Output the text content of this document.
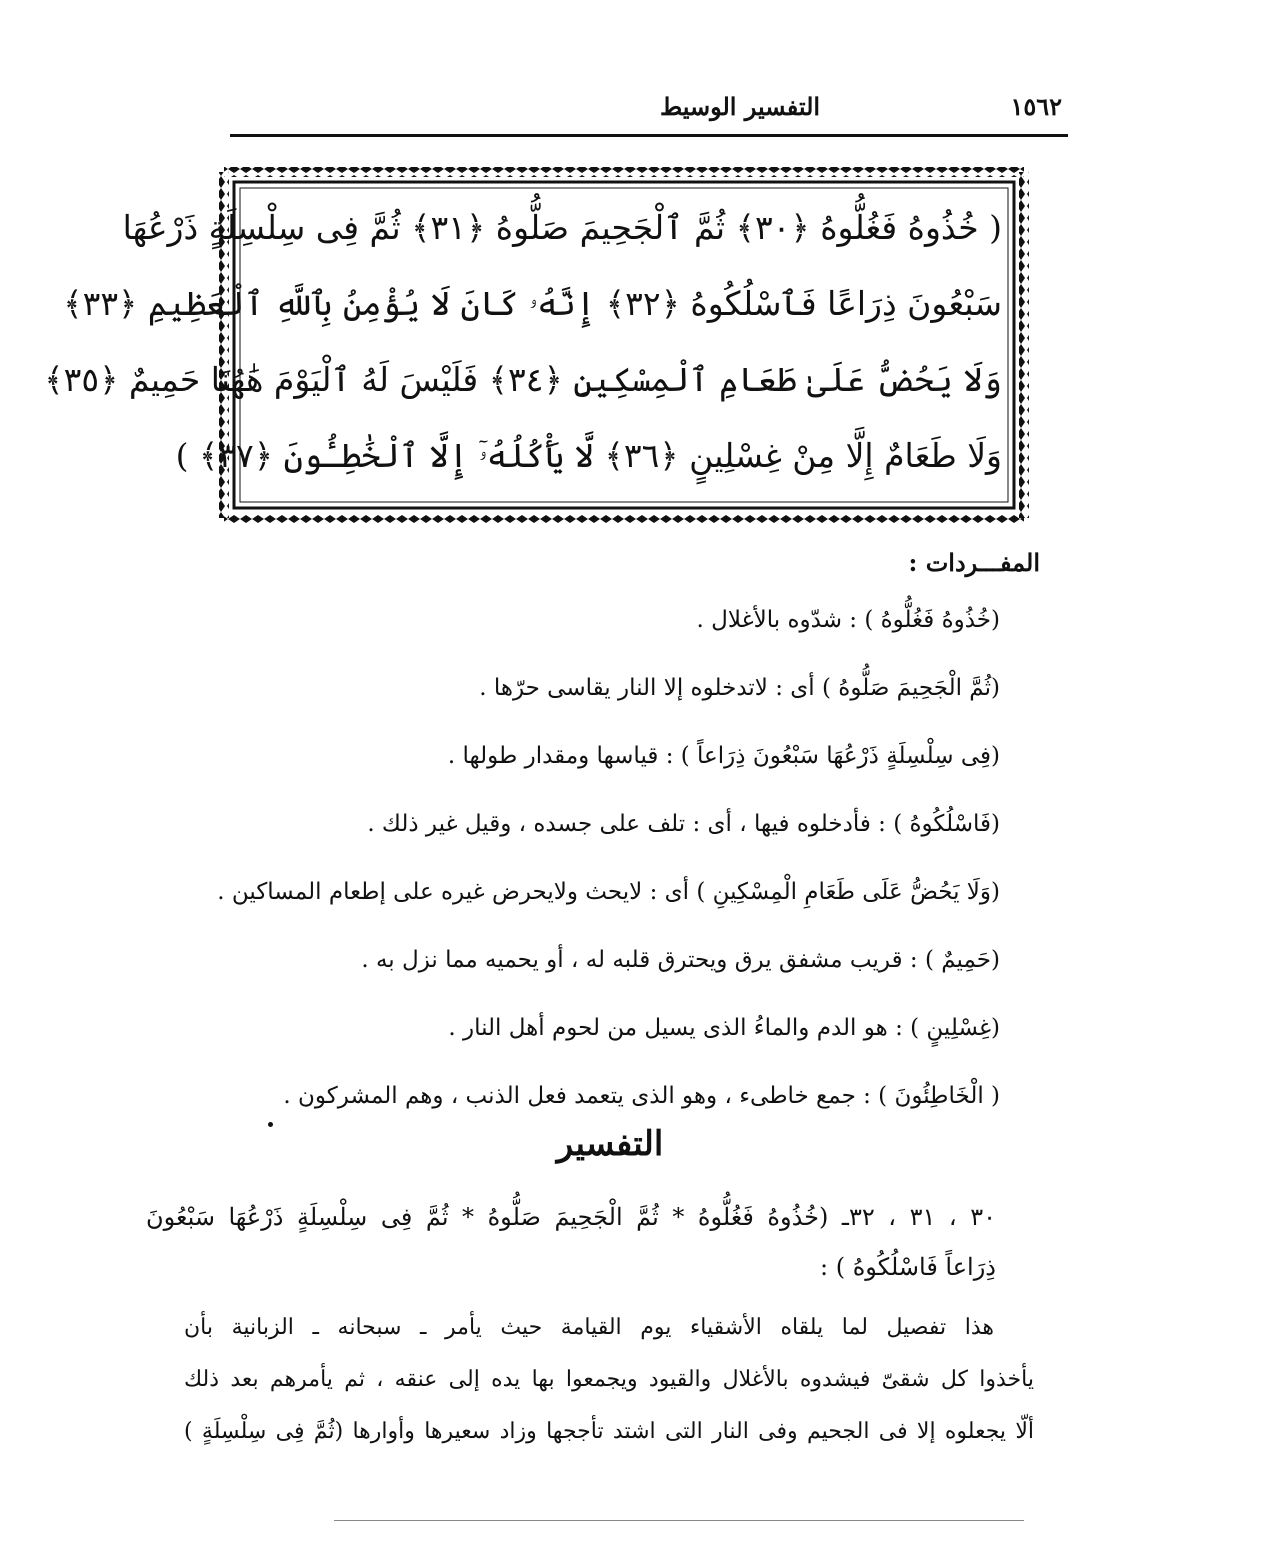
التفسير الوسيط	١٥٦٢
( خُذُوهُ فَغُلُّوهُ ﴿٣٠﴾ ثُمَّ ٱلْجَحِيمَ صَلُّوهُ ﴿٣١﴾ ثُمَّ فِى سِلْسِلَةٍ ذَرْعُهَا
سَبْعُونَ ذِرَاعًا فَٱسْلُكُوهُ ﴿٣٢﴾ إِنَّهُۥ كَانَ لَا يُؤْمِنُ بِٱللَّهِ ٱلْعَظِيمِ ﴿٣٣﴾
وَلَا يَحُضُّ عَلَىٰ طَعَامِ ٱلْمِسْكِينِ ﴿٣٤﴾ فَلَيْسَ لَهُ ٱلْيَوْمَ هَٰهُنَا حَمِيمٌ ﴿٣٥﴾
وَلَا طَعَامٌ إِلَّا مِنْ غِسْلِينٍ ﴿٣٦﴾ لَّا يَأْكُلُهُۥٓ إِلَّا ٱلْخَٰطِـُٔونَ ﴿٣٧﴾ )
المفـــردات :
(خُذُوهُ فَغُلُّوهُ ) : شدّوه بالأغلال .
(ثُمَّ الْجَحِيمَ صَلُّوهُ ) أى : لاتدخلوه إلا النار يقاسى حرّها .
(فِى سِلْسِلَةٍ ذَرْعُهَا سَبْعُونَ ذِرَاعاً ) : قياسها ومقدار طولها .
(فَاسْلُكُوهُ ) : فأدخلوه فيها ، أى : تلف على جسده ، وقيل غير ذلك .
(وَلَا يَحُضُّ عَلَى طَعَامِ الْمِسْكِينِ ) أى : لايحث ولايحرض غيره على إطعام المساكين .
(حَمِيمٌ ) : قريب مشفق يرق ويحترق قلبه له ، أو يحميه مما نزل به .
(غِسْلِينٍ ) : هو الدم والماءُ الذى يسيل من لحوم أهل النار .
( الْخَاطِئُونَ ) : جمع خاطىء ، وهو الذى يتعمد فعل الذنب ، وهم المشركون .
التفسير
٣٠ ، ٣١ ، ٣٢ـ (خُذُوهُ فَغُلُّوهُ * ثُمَّ الْجَحِيمَ صَلُّوهُ * ثُمَّ فِى سِلْسِلَةٍ ذَرْعُهَا سَبْعُونَ
ذِرَاعاً فَاسْلُكُوهُ ) :
هذا تفصيل لما يلقاه الأشقياء يوم القيامة حيث يأمر ـ سبحانه ـ الزبانية بأن
يأخذوا كل شقىّ فيشدوه بالأغلال والقيود ويجمعوا بها يده إلى عنقه ، ثم يأمرهم بعد ذلك
ألّا يجعلوه إلا فى الجحيم وفى النار التى اشتد تأججها وزاد سعيرها وأوارها (ثُمَّ فِى سِلْسِلَةٍ )
